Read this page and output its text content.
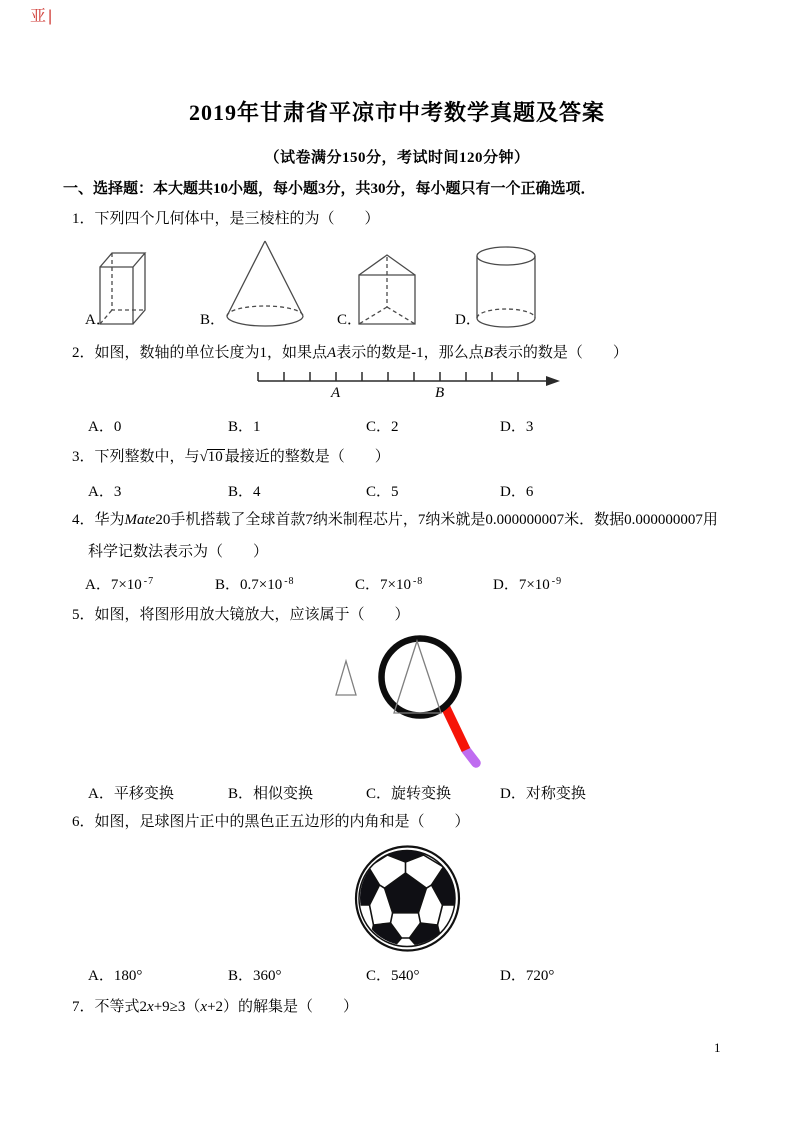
亚|
2019年甘肃省平凉市中考数学真题及答案
（试卷满分150分，考试时间120分钟）
一、选择题：本大题共10小题，每小题3分，共30分，每小题只有一个正确选项．
1．下列四个几何体中，是三棱柱的为（　　）
A．	B．	C．	D．
2．如图，数轴的单位长度为1，如果点A表示的数是-1，那么点B表示的数是（　　）
A	B
A．0	B．1	C．2	D．3
3．下列整数中，与√10 最接近的整数是（　　）
A．3	B．4	C．5	D．6
4．华为Mate20手机搭载了全球首款7纳米制程芯片，7纳米就是0.000000007米．数据0.000000007用
科学记数法表示为（　　）
A．7×10 $^{-7}$	B．0.7×10 $^{-8}$	C．7×10 $^{-8}$	D．7×10 $^{-9}$
5．如图，将图形用放大镜放大，应该属于（　　）
A．平移变换	B．相似变换	C．旋转变换	D．对称变换
6．如图，足球图片正中的黑色正五边形的内角和是（　　）
A．180°	B．360°	C．540°	D．720°
7．不等式2x+9≥3（x+2）的解集是（　　）
1
